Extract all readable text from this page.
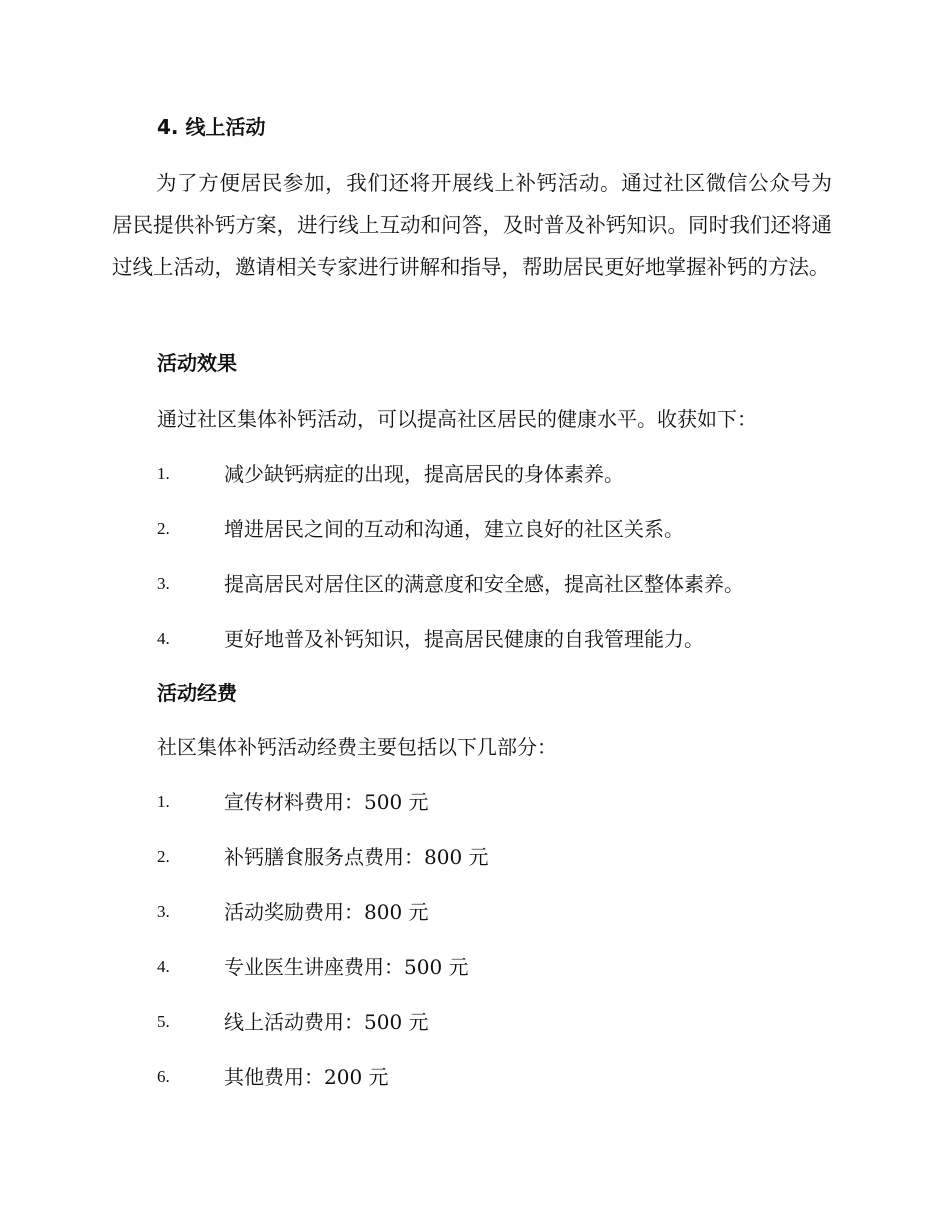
4. 线上活动
为了方便居民参加，我们还将开展线上补钙活动。通过社区微信公众号为居民提供补钙方案，进行线上互动和问答，及时普及补钙知识。同时我们还将通过线上活动，邀请相关专家进行讲解和指导，帮助居民更好地掌握补钙的方法。
活动效果
通过社区集体补钙活动，可以提高社区居民的健康水平。收获如下：
1.	减少缺钙病症的出现，提高居民的身体素养。
2.	增进居民之间的互动和沟通，建立良好的社区关系。
3.	提高居民对居住区的满意度和安全感，提高社区整体素养。
4.	更好地普及补钙知识，提高居民健康的自我管理能力。
活动经费
社区集体补钙活动经费主要包括以下几部分：
1.	宣传材料费用：500 元
2.	补钙膳食服务点费用：800 元
3.	活动奖励费用：800 元
4.	专业医生讲座费用：500 元
5.	线上活动费用：500 元
6.	其他费用：200 元
